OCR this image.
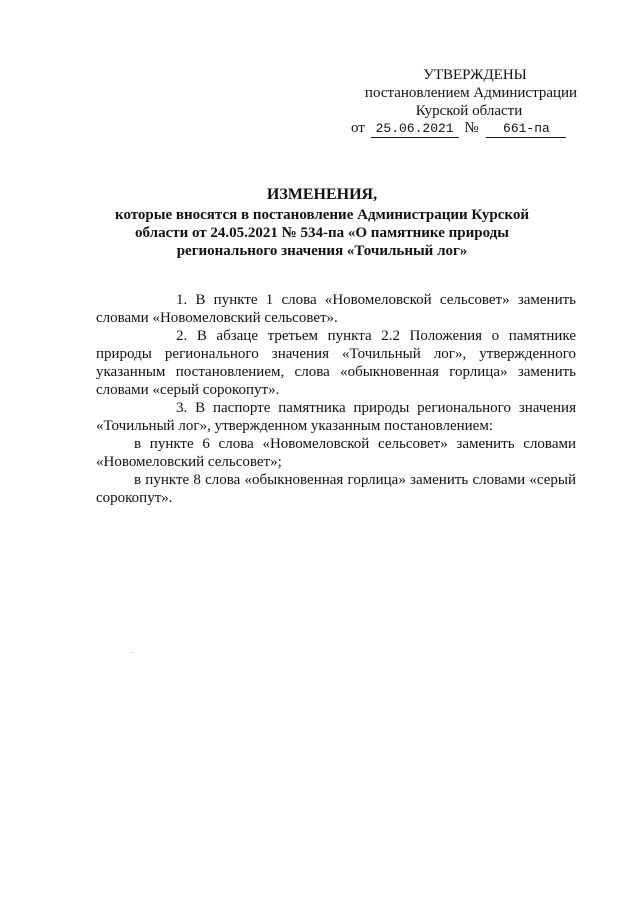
УТВЕРЖДЕНЫ
постановлением Администрации
Курской области
от 25.06.2021 № 661-па
ИЗМЕНЕНИЯ,
которые вносятся в постановление Администрации Курской
области от 24.05.2021 № 534-па «О памятнике природы
регионального значения «Точильный лог»

1. В пункте 1 слова «Новомеловской сельсовет» заменить словами «Новомеловский сельсовет».

2. В абзаце третьем пункта 2.2 Положения о памятнике природы регионального значения «Точильный лог», утвержденного указанным постановлением, слова «обыкновенная горлица» заменить словами «серый сорокопут».

3. В паспорте памятника природы регионального значения «Точильный лог», утвержденном указанным постановлением:

в пункте 6 слова «Новомеловской сельсовет» заменить словами «Новомеловский сельсовет»;

в пункте 8 слова «обыкновенная горлица» заменить словами «серый сорокопут».
